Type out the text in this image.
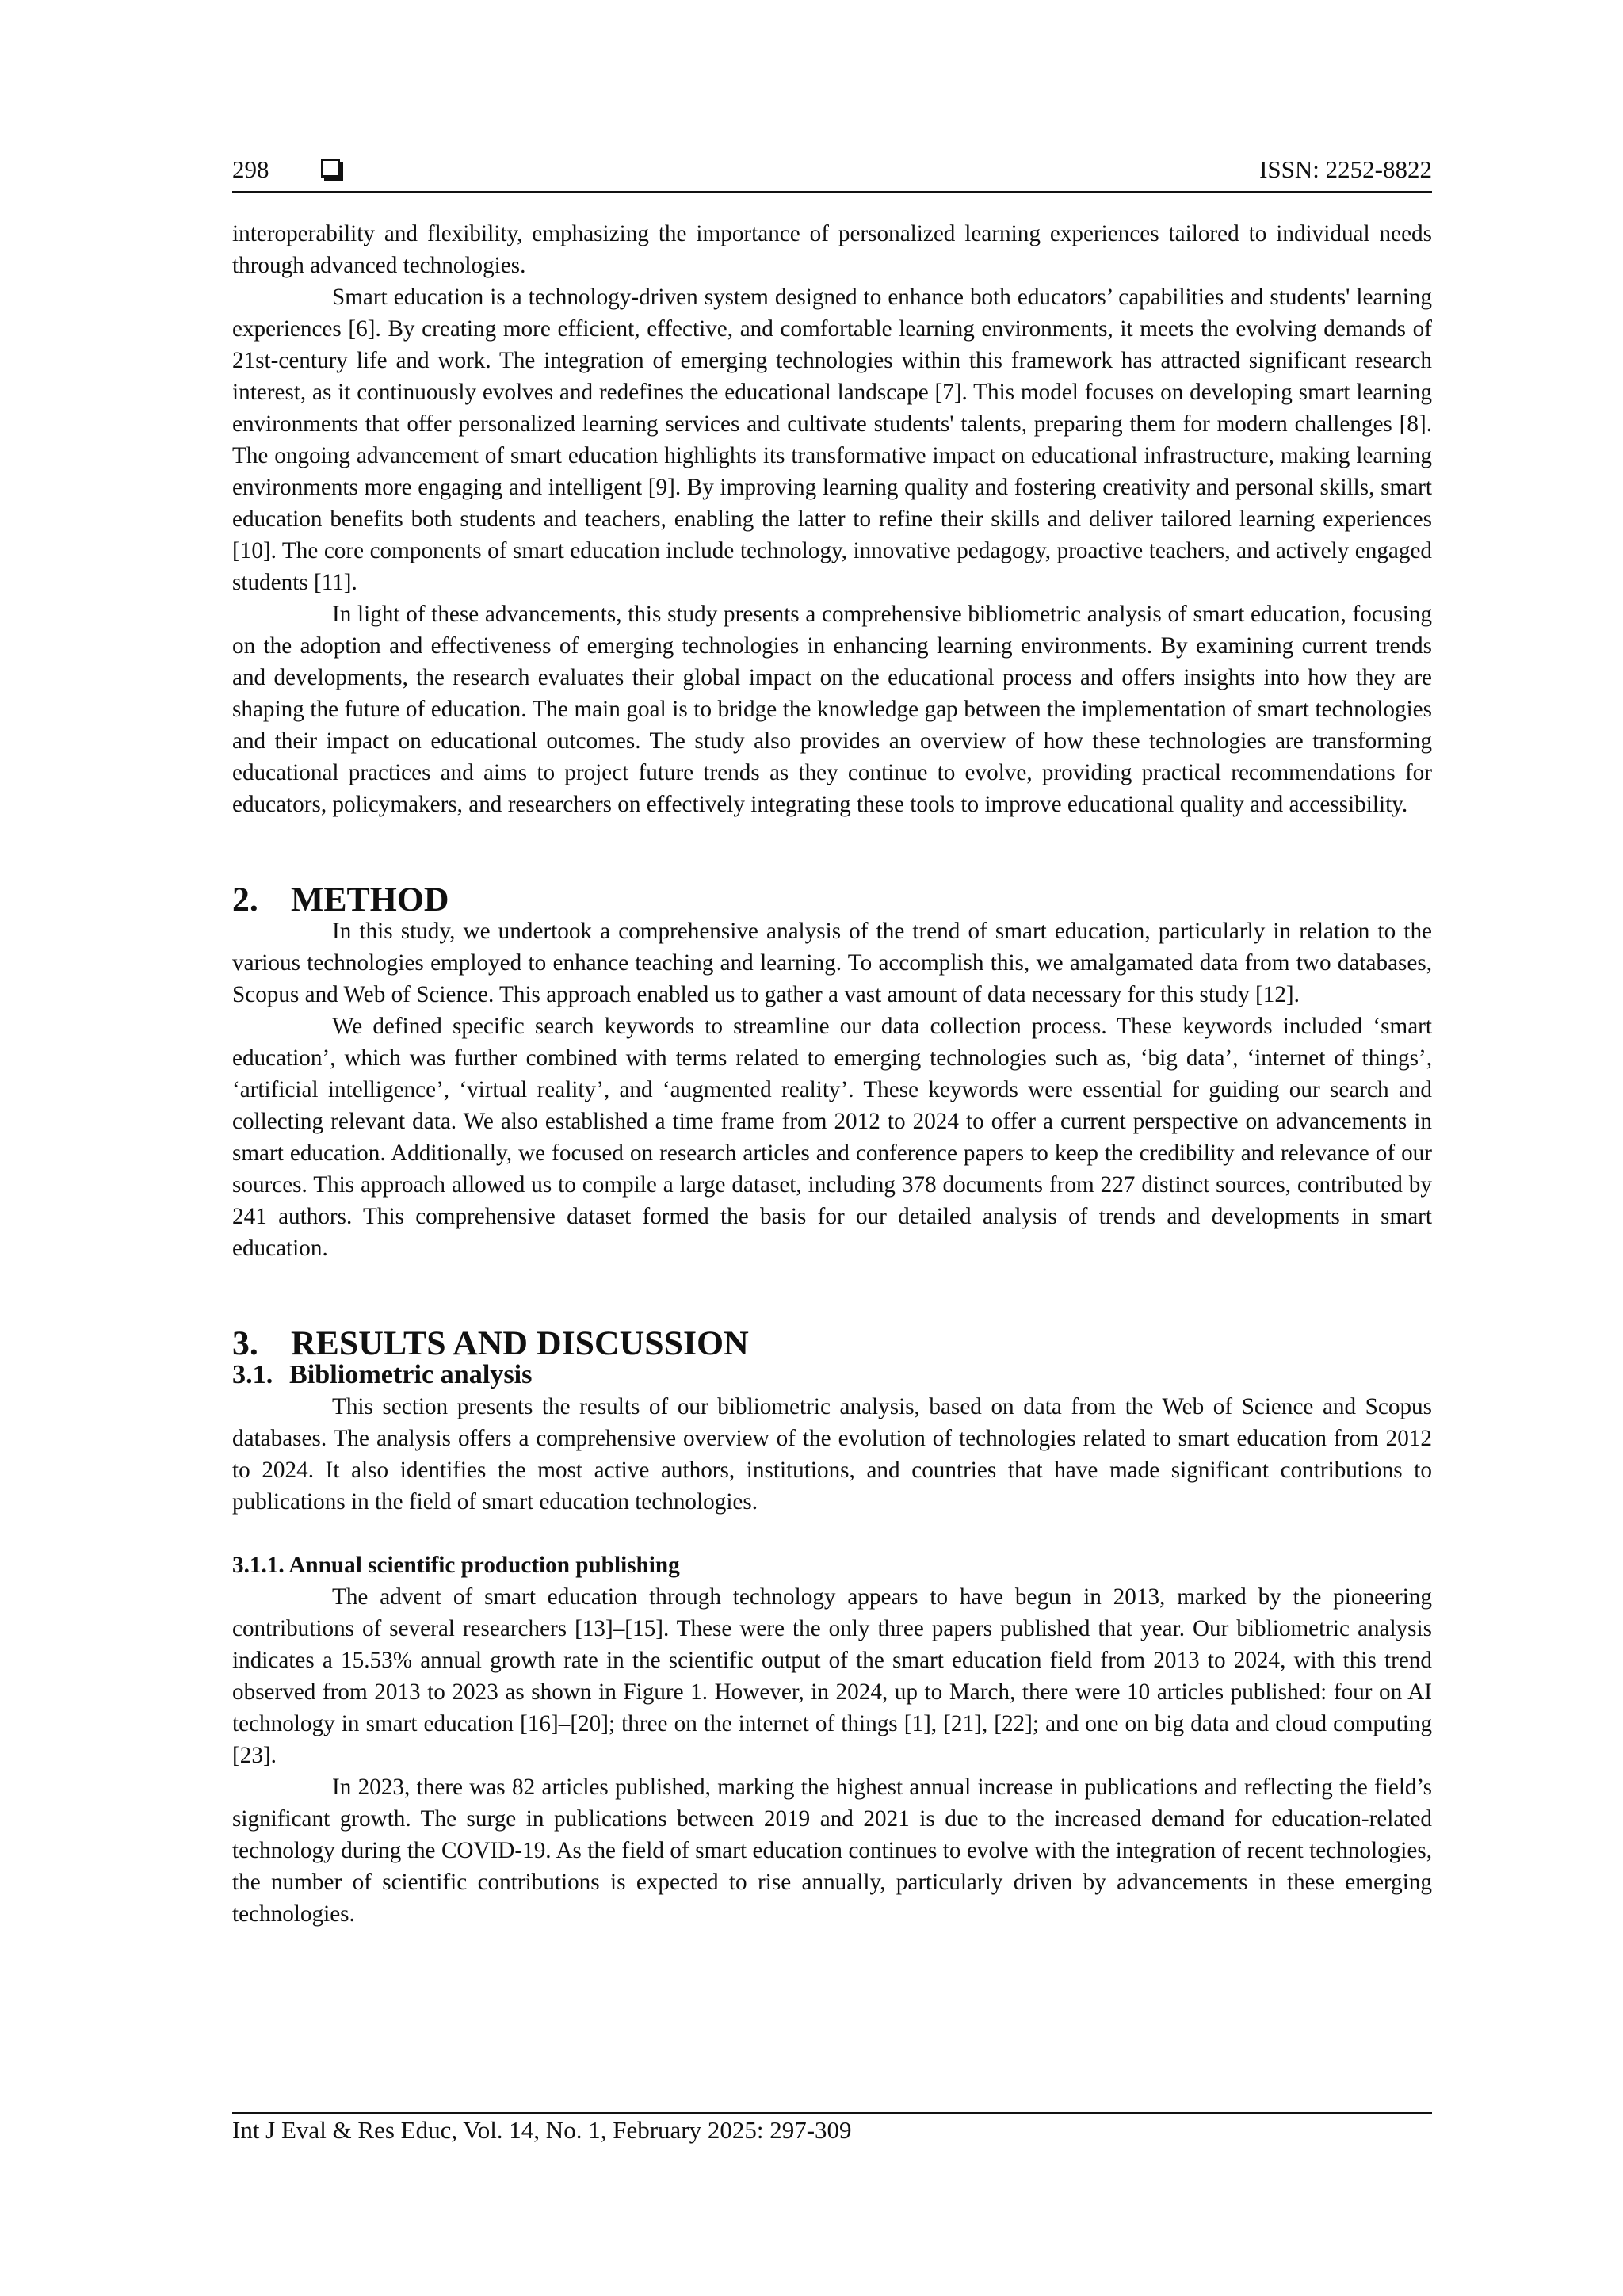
298	ISSN: 2252-8822

interoperability and flexibility, emphasizing the importance of personalized learning experiences tailored to individual needs through advanced technologies.

Smart education is a technology-driven system designed to enhance both educators’ capabilities and students' learning experiences [6]. By creating more efficient, effective, and comfortable learning environments, it meets the evolving demands of 21st-century life and work. The integration of emerging technologies within this framework has attracted significant research interest, as it continuously evolves and redefines the educational landscape [7]. This model focuses on developing smart learning environments that offer personalized learning services and cultivate students' talents, preparing them for modern challenges [8]. The ongoing advancement of smart education highlights its transformative impact on educational infrastructure, making learning environments more engaging and intelligent [9]. By improving learning quality and fostering creativity and personal skills, smart education benefits both students and teachers, enabling the latter to refine their skills and deliver tailored learning experiences [10]. The core components of smart education include technology, innovative pedagogy, proactive teachers, and actively engaged students [11].

In light of these advancements, this study presents a comprehensive bibliometric analysis of smart education, focusing on the adoption and effectiveness of emerging technologies in enhancing learning environments. By examining current trends and developments, the research evaluates their global impact on the educational process and offers insights into how they are shaping the future of education. The main goal is to bridge the knowledge gap between the implementation of smart technologies and their impact on educational outcomes. The study also provides an overview of how these technologies are transforming educational practices and aims to project future trends as they continue to evolve, providing practical recommendations for educators, policymakers, and researchers on effectively integrating these tools to improve educational quality and accessibility.

2. METHOD

In this study, we undertook a comprehensive analysis of the trend of smart education, particularly in relation to the various technologies employed to enhance teaching and learning. To accomplish this, we amalgamated data from two databases, Scopus and Web of Science. This approach enabled us to gather a vast amount of data necessary for this study [12].

We defined specific search keywords to streamline our data collection process. These keywords included ‘smart education’, which was further combined with terms related to emerging technologies such as, ‘big data’, ‘internet of things’, ‘artificial intelligence’, ‘virtual reality’, and ‘augmented reality’. These keywords were essential for guiding our search and collecting relevant data. We also established a time frame from 2012 to 2024 to offer a current perspective on advancements in smart education. Additionally, we focused on research articles and conference papers to keep the credibility and relevance of our sources. This approach allowed us to compile a large dataset, including 378 documents from 227 distinct sources, contributed by 241 authors. This comprehensive dataset formed the basis for our detailed analysis of trends and developments in smart education.

3. RESULTS AND DISCUSSION
3.1. Bibliometric analysis

This section presents the results of our bibliometric analysis, based on data from the Web of Science and Scopus databases. The analysis offers a comprehensive overview of the evolution of technologies related to smart education from 2012 to 2024. It also identifies the most active authors, institutions, and countries that have made significant contributions to publications in the field of smart education technologies.

3.1.1. Annual scientific production publishing

The advent of smart education through technology appears to have begun in 2013, marked by the pioneering contributions of several researchers [13]–[15]. These were the only three papers published that year. Our bibliometric analysis indicates a 15.53% annual growth rate in the scientific output of the smart education field from 2013 to 2024, with this trend observed from 2013 to 2023 as shown in Figure 1. However, in 2024, up to March, there were 10 articles published: four on AI technology in smart education [16]–[20]; three on the internet of things [1], [21], [22]; and one on big data and cloud computing [23].

In 2023, there was 82 articles published, marking the highest annual increase in publications and reflecting the field’s significant growth. The surge in publications between 2019 and 2021 is due to the increased demand for education-related technology during the COVID-19. As the field of smart education continues to evolve with the integration of recent technologies, the number of scientific contributions is expected to rise annually, particularly driven by advancements in these emerging technologies.

Int J Eval & Res Educ, Vol. 14, No. 1, February 2025: 297-309
